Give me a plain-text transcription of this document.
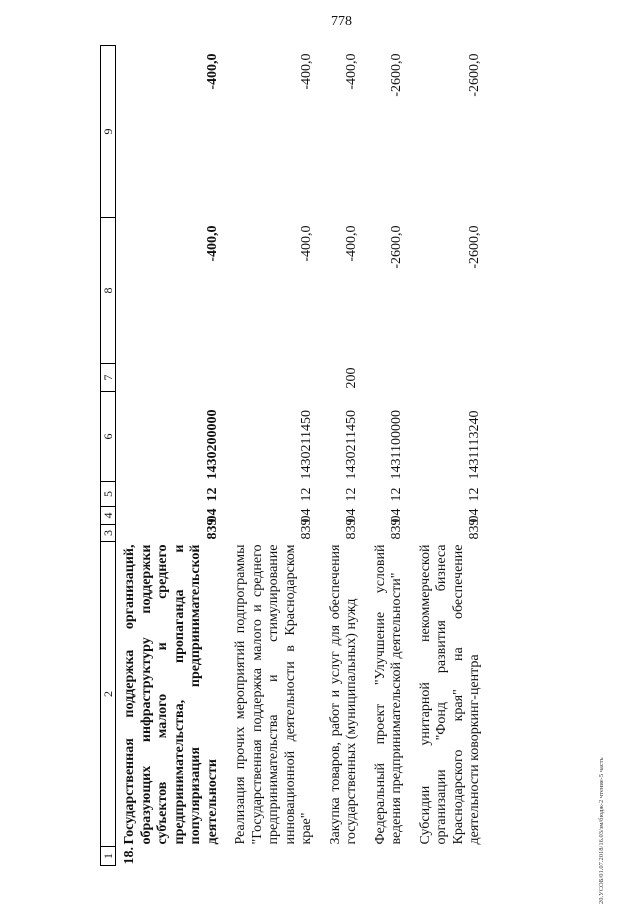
778
20.УСОБ/01.07.2018/16.03/зм/бюдж-2 чтение-5 часть
1	2	3	4	5	6	7	8	9
18.	Государственная поддержка организаций, образующих инфраструктуру поддержки субъектов малого и среднего предпринимательства, пропаганда и популяризация предпринимательской деятельности	839	04	12	1430200000		-400,0	-400,0
	Реализация прочих мероприятий подпрограммы "Государственная поддержка малого и среднего предпринимательства и стимулирование инновационной деятельности в Краснодарском крае"	839	04	12	1430211450		-400,0	-400,0
	Закупка товаров, работ и услуг для обеспечения государственных (муниципальных) нужд	839	04	12	1430211450	200	-400,0	-400,0
	Федеральный проект "Улучшение условий ведения предпринимательской деятельности"	839	04	12	1431100000		-2600,0	-2600,0
	Субсидии унитарной некоммерческой организации "Фонд развития бизнеса Краснодарского края" на обеспечение деятельности коворкинг-центра	839	04	12	1431113240		-2600,0	-2600,0
